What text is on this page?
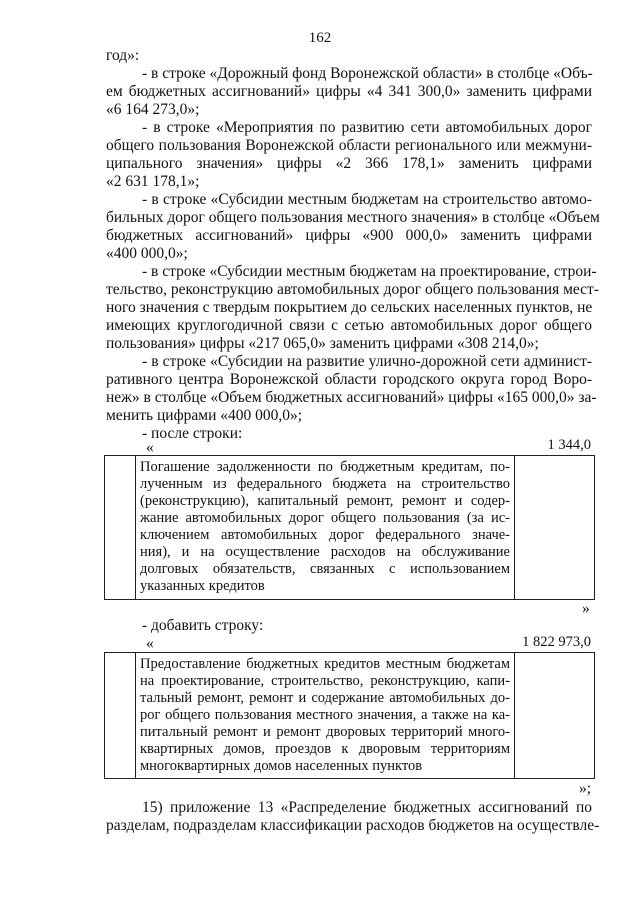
162
год»:
- в строке «Дорожный фонд Воронежской области» в столбце «Объ-
ем бюджетных ассигнований» цифры «4 341 300,0» заменить цифрами
«6 164 273,0»;
- в строке «Мероприятия по развитию сети автомобильных дорог
общего пользования Воронежской области регионального или межмуни-
ципального значения» цифры «2 366 178,1» заменить цифрами
«2 631 178,1»;
- в строке «Субсидии местным бюджетам на строительство автомо-
бильных дорог общего пользования местного значения» в столбце «Объем
бюджетных ассигнований» цифры «900 000,0» заменить цифрами
«400 000,0»;
- в строке «Субсидии местным бюджетам на проектирование, строи-
тельство, реконструкцию автомобильных дорог общего пользования мест-
ного значения с твердым покрытием до сельских населенных пунктов, не
имеющих круглогодичной связи с сетью автомобильных дорог общего
пользования» цифры «217 065,0» заменить цифрами «308 214,0»;
- в строке «Субсидии на развитие улично-дорожной сети админист-
ративного центра Воронежской области городского округа город Воро-
неж» в столбце «Объем бюджетных ассигнований» цифры «165 000,0» за-
менить цифрами «400 000,0»;
- после строки:
«
Погашение задолженности по бюджетным кредитам, по-
лученным из федерального бюджета на строительство
(реконструкцию), капитальный ремонт, ремонт и содер-
жание автомобильных дорог общего пользования (за ис-
ключением автомобильных дорог федерального значе-
ния), и на осуществление расходов на обслуживание
долговых обязательств, связанных с использованием
указанных кредитов
1 344,0
»
- добавить строку:
«
Предоставление бюджетных кредитов местным бюджетам
на проектирование, строительство, реконструкцию, капи-
тальный ремонт, ремонт и содержание автомобильных до-
рог общего пользования местного значения, а также на ка-
питальный ремонт и ремонт дворовых территорий много-
квартирных домов, проездов к дворовым территориям
многоквартирных домов населенных пунктов
1 822 973,0
»;
15) приложение 13 «Распределение бюджетных ассигнований по
разделам, подразделам классификации расходов бюджетов на осуществле-
